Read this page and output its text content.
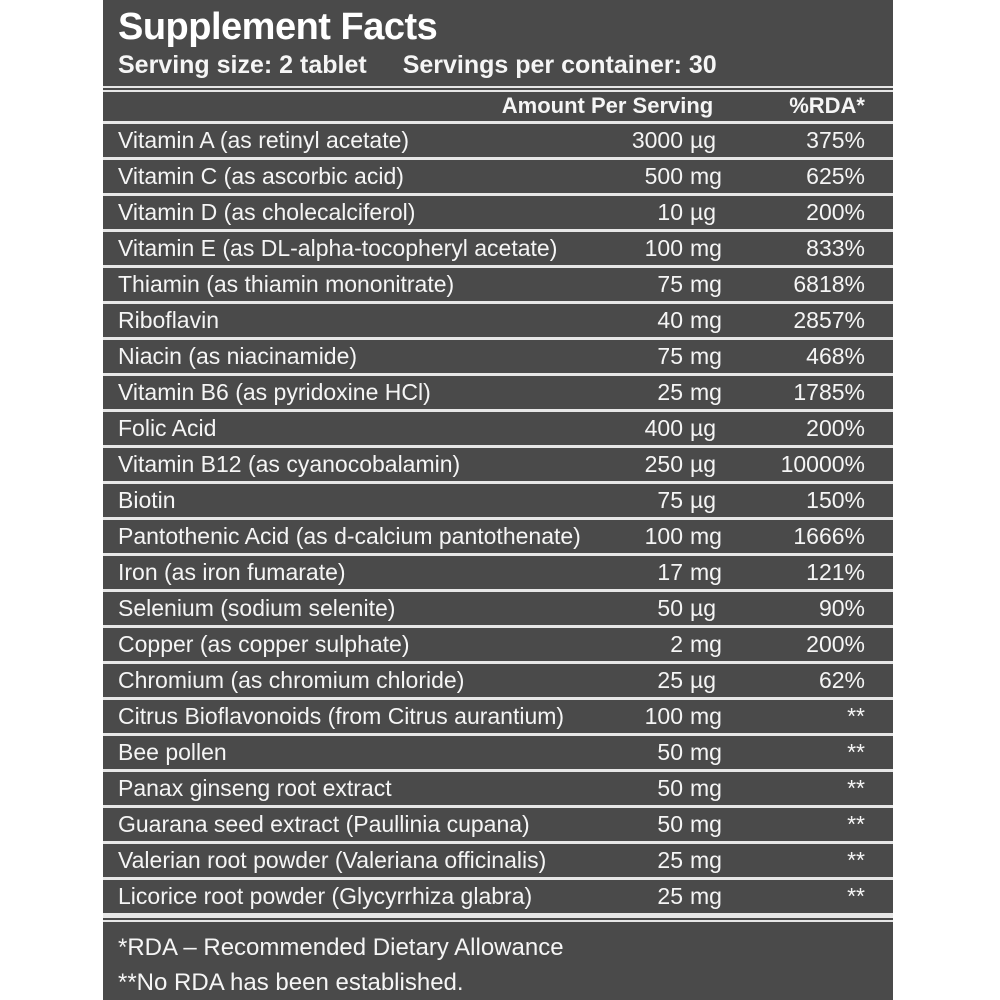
Supplement Facts
Serving size: 2 tablet Servings per container: 30
Amount Per Serving	%RDA*
Vitamin A (as retinyl acetate)	3000 µg	375%
Vitamin C (as ascorbic acid)	500 mg	625%
Vitamin D (as cholecalciferol)	10 µg	200%
Vitamin E (as DL-alpha-tocopheryl acetate)	100 mg	833%
Thiamin (as thiamin mononitrate)	75 mg	6818%
Riboflavin	40 mg	2857%
Niacin (as niacinamide)	75 mg	468%
Vitamin B6 (as pyridoxine HCl)	25 mg	1785%
Folic Acid	400 µg	200%
Vitamin B12 (as cyanocobalamin)	250 µg	10000%
Biotin	75 µg	150%
Pantothenic Acid (as d-calcium pantothenate)	100 mg	1666%
Iron (as iron fumarate)	17 mg	121%
Selenium (sodium selenite)	50 µg	90%
Copper (as copper sulphate)	2 mg	200%
Chromium (as chromium chloride)	25 µg	62%
Citrus Bioflavonoids (from Citrus aurantium)	100 mg	**
Bee pollen	50 mg	**
Panax ginseng root extract	50 mg	**
Guarana seed extract (Paullinia cupana)	50 mg	**
Valerian root powder (Valeriana officinalis)	25 mg	**
Licorice root powder (Glycyrrhiza glabra)	25 mg	**
*RDA – Recommended Dietary Allowance
**No RDA has been established.
